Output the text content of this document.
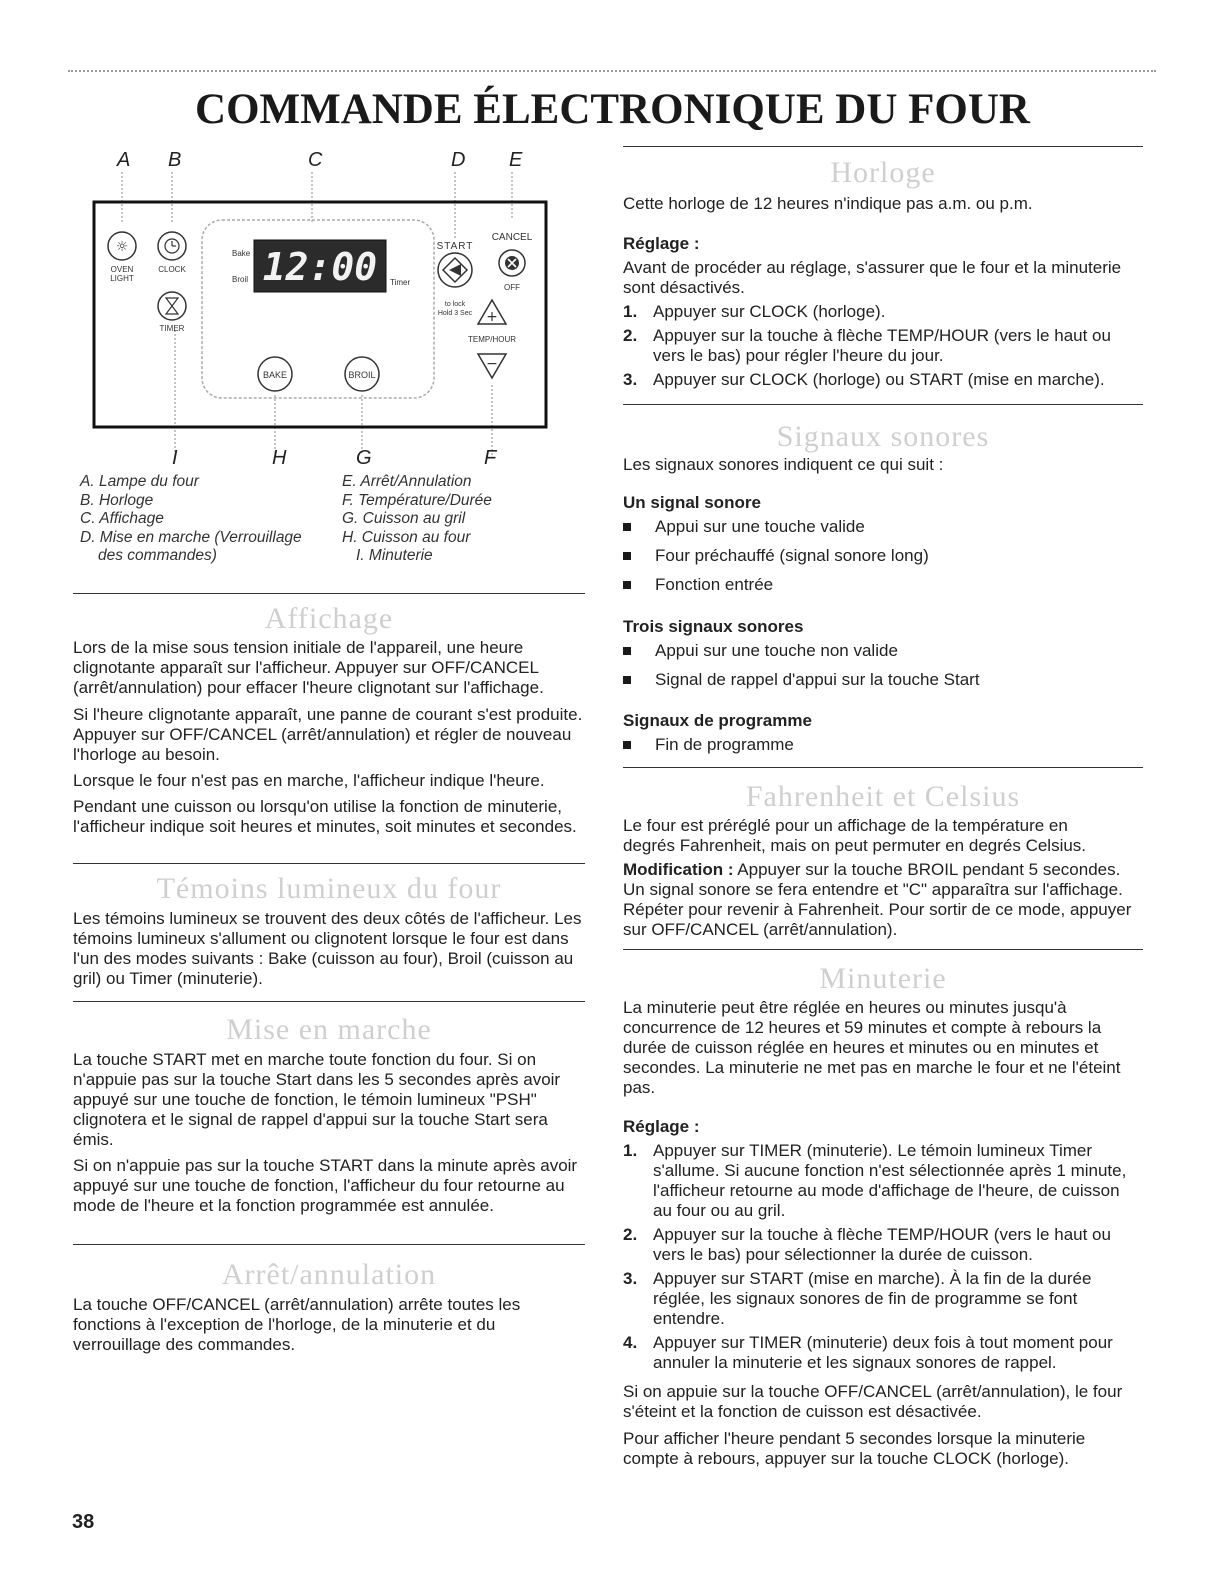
COMMANDE ÉLECTRONIQUE DU FOUR
A B	C	D E
☼
OVEN
LIGHT
CLOCK
TIMER
Bake
Broil 12:00 Timer
START
CANCEL
OFF
to lock
Hold 3 Sec +
TEMP/HOUR
−
BAKE	BROIL
I	H	G	F
A. Lampe du four
B. Horloge
C. Affichage
D. Mise en marche (Verrouillage
des commandes)
E. Arrêt/Annulation
F. Température/Durée
G. Cuisson au gril
H. Cuisson au four
I. Minuterie
Affichage

Lors de la mise sous tension initiale de l'appareil, une heure clignotante apparaît sur l'afficheur. Appuyer sur OFF/CANCEL (arrêt/annulation) pour effacer l'heure clignotant sur l'affichage.

Si l'heure clignotante apparaît, une panne de courant s'est produite. Appuyer sur OFF/CANCEL (arrêt/annulation) et régler de nouveau l'horloge au besoin.

Lorsque le four n'est pas en marche, l'afficheur indique l'heure.

Pendant une cuisson ou lorsqu'on utilise la fonction de minuterie, l'afficheur indique soit heures et minutes, soit minutes et secondes.

Témoins lumineux du four

Les témoins lumineux se trouvent des deux côtés de l'afficheur. Les témoins lumineux s'allument ou clignotent lorsque le four est dans l'un des modes suivants : Bake (cuisson au four), Broil (cuisson au gril) ou Timer (minuterie).

Mise en marche

La touche START met en marche toute fonction du four. Si on n'appuie pas sur la touche Start dans les 5 secondes après avoir appuyé sur une touche de fonction, le témoin lumineux "PSH" clignotera et le signal de rappel d'appui sur la touche Start sera émis.

Si on n'appuie pas sur la touche START dans la minute après avoir appuyé sur une touche de fonction, l'afficheur du four retourne au mode de l'heure et la fonction programmée est annulée.

Arrêt/annulation

La touche OFF/CANCEL (arrêt/annulation) arrête toutes les fonctions à l'exception de l'horloge, de la minuterie et du verrouillage des commandes.

Horloge

Cette horloge de 12 heures n'indique pas a.m. ou p.m.

Réglage :

Avant de procéder au réglage, s'assurer que le four et la minuterie sont désactivés.

1. Appuyer sur CLOCK (horloge).
2. Appuyer sur la touche à flèche TEMP/HOUR (vers le haut ou vers le bas) pour régler l'heure du jour.
3. Appuyer sur CLOCK (horloge) ou START (mise en marche).
Signaux sonores

Les signaux sonores indiquent ce qui suit :

Un signal sonore
Appui sur une touche valide
Four préchauffé (signal sonore long)
Fonction entrée
Trois signaux sonores
Appui sur une touche non valide
Signal de rappel d'appui sur la touche Start
Signaux de programme
Fin de programme
Fahrenheit et Celsius

Le four est préréglé pour un affichage de la température en degrés Fahrenheit, mais on peut permuter en degrés Celsius.

Modification : Appuyer sur la touche BROIL pendant 5 secondes. Un signal sonore se fera entendre et "C" apparaîtra sur l'affichage. Répéter pour revenir à Fahrenheit. Pour sortir de ce mode, appuyer sur OFF/CANCEL (arrêt/annulation).

Minuterie

La minuterie peut être réglée en heures ou minutes jusqu'à concurrence de 12 heures et 59 minutes et compte à rebours la durée de cuisson réglée en heures et minutes ou en minutes et secondes. La minuterie ne met pas en marche le four et ne l'éteint pas.

Réglage :
1. Appuyer sur TIMER (minuterie). Le témoin lumineux Timer s'allume. Si aucune fonction n'est sélectionnée après 1 minute, l'afficheur retourne au mode d'affichage de l'heure, de cuisson au four ou au gril.
2. Appuyer sur la touche à flèche TEMP/HOUR (vers le haut ou vers le bas) pour sélectionner la durée de cuisson.
3. Appuyer sur START (mise en marche). À la fin de la durée réglée, les signaux sonores de fin de programme se font entendre.
4. Appuyer sur TIMER (minuterie) deux fois à tout moment pour annuler la minuterie et les signaux sonores de rappel.

Si on appuie sur la touche OFF/CANCEL (arrêt/annulation), le four s'éteint et la fonction de cuisson est désactivée.

Pour afficher l'heure pendant 5 secondes lorsque la minuterie compte à rebours, appuyer sur la touche CLOCK (horloge).

38
